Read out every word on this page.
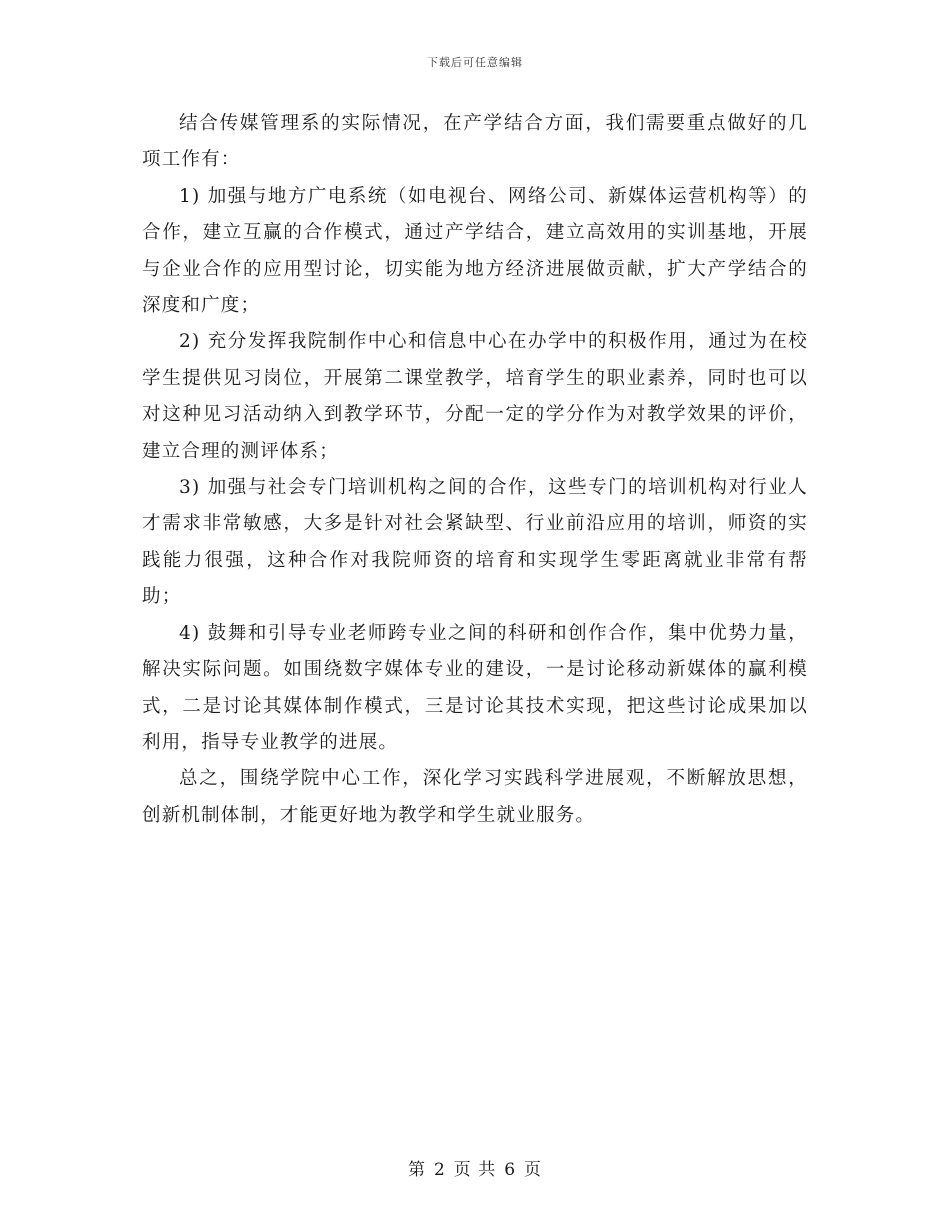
下载后可任意编辑

结合传媒管理系的实际情况，在产学结合方面，我们需要重点做好的几项工作有：

1) 加强与地方广电系统（如电视台、网络公司、新媒体运营机构等）的合作，建立互赢的合作模式，通过产学结合，建立高效用的实训基地，开展与企业合作的应用型讨论，切实能为地方经济进展做贡献，扩大产学结合的深度和广度；

2) 充分发挥我院制作中心和信息中心在办学中的积极作用，通过为在校学生提供见习岗位，开展第二课堂教学，培育学生的职业素养，同时也可以对这种见习活动纳入到教学环节，分配一定的学分作为对教学效果的评价，建立合理的测评体系；

3) 加强与社会专门培训机构之间的合作，这些专门的培训机构对行业人才需求非常敏感，大多是针对社会紧缺型、行业前沿应用的培训，师资的实践能力很强，这种合作对我院师资的培育和实现学生零距离就业非常有帮助；

4) 鼓舞和引导专业老师跨专业之间的科研和创作合作，集中优势力量，解决实际问题。如围绕数字媒体专业的建设，一是讨论移动新媒体的赢利模式，二是讨论其媒体制作模式，三是讨论其技术实现，把这些讨论成果加以利用，指导专业教学的进展。

总之，围绕学院中心工作，深化学习实践科学进展观，不断解放思想，创新机制体制，才能更好地为教学和学生就业服务。

第 2 页 共 6 页
